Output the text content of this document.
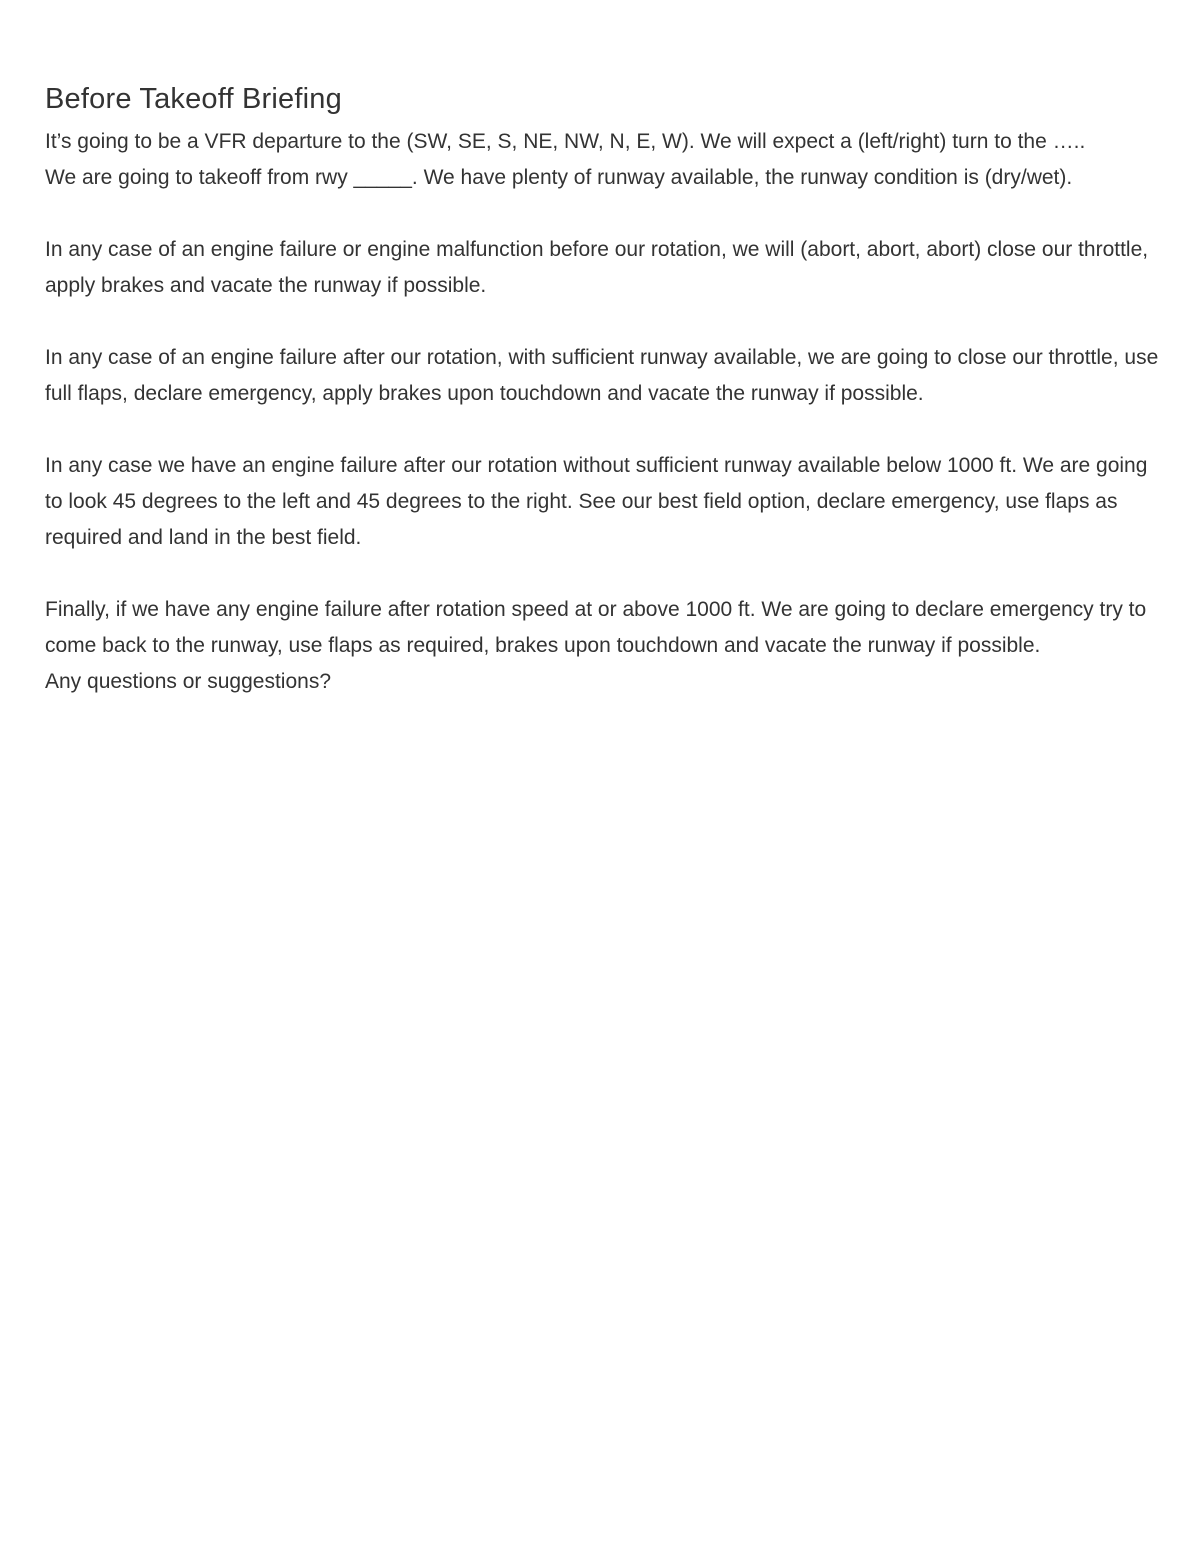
Before Takeoff Briefing

It’s going to be a VFR departure to the (SW, SE, S, NE, NW, N, E, W). We will expect a (left/right) turn to the …..
We are going to takeoff from rwy _____. We have plenty of runway available, the runway condition is (dry/wet).

In any case of an engine failure or engine malfunction before our rotation, we will (abort, abort, abort) close our throttle, apply brakes and vacate the runway if possible.

In any case of an engine failure after our rotation, with sufficient runway available, we are going to close our throttle, use full flaps, declare emergency, apply brakes upon touchdown and vacate the runway if possible.

In any case we have an engine failure after our rotation without sufficient runway available below 1000 ft. We are going to look 45 degrees to the left and 45 degrees to the right. See our best field option, declare emergency, use flaps as required and land in the best field.

Finally, if we have any engine failure after rotation speed at or above 1000 ft. We are going to declare emergency try to come back to the runway, use flaps as required, brakes upon touchdown and vacate the runway if possible.
Any questions or suggestions?
